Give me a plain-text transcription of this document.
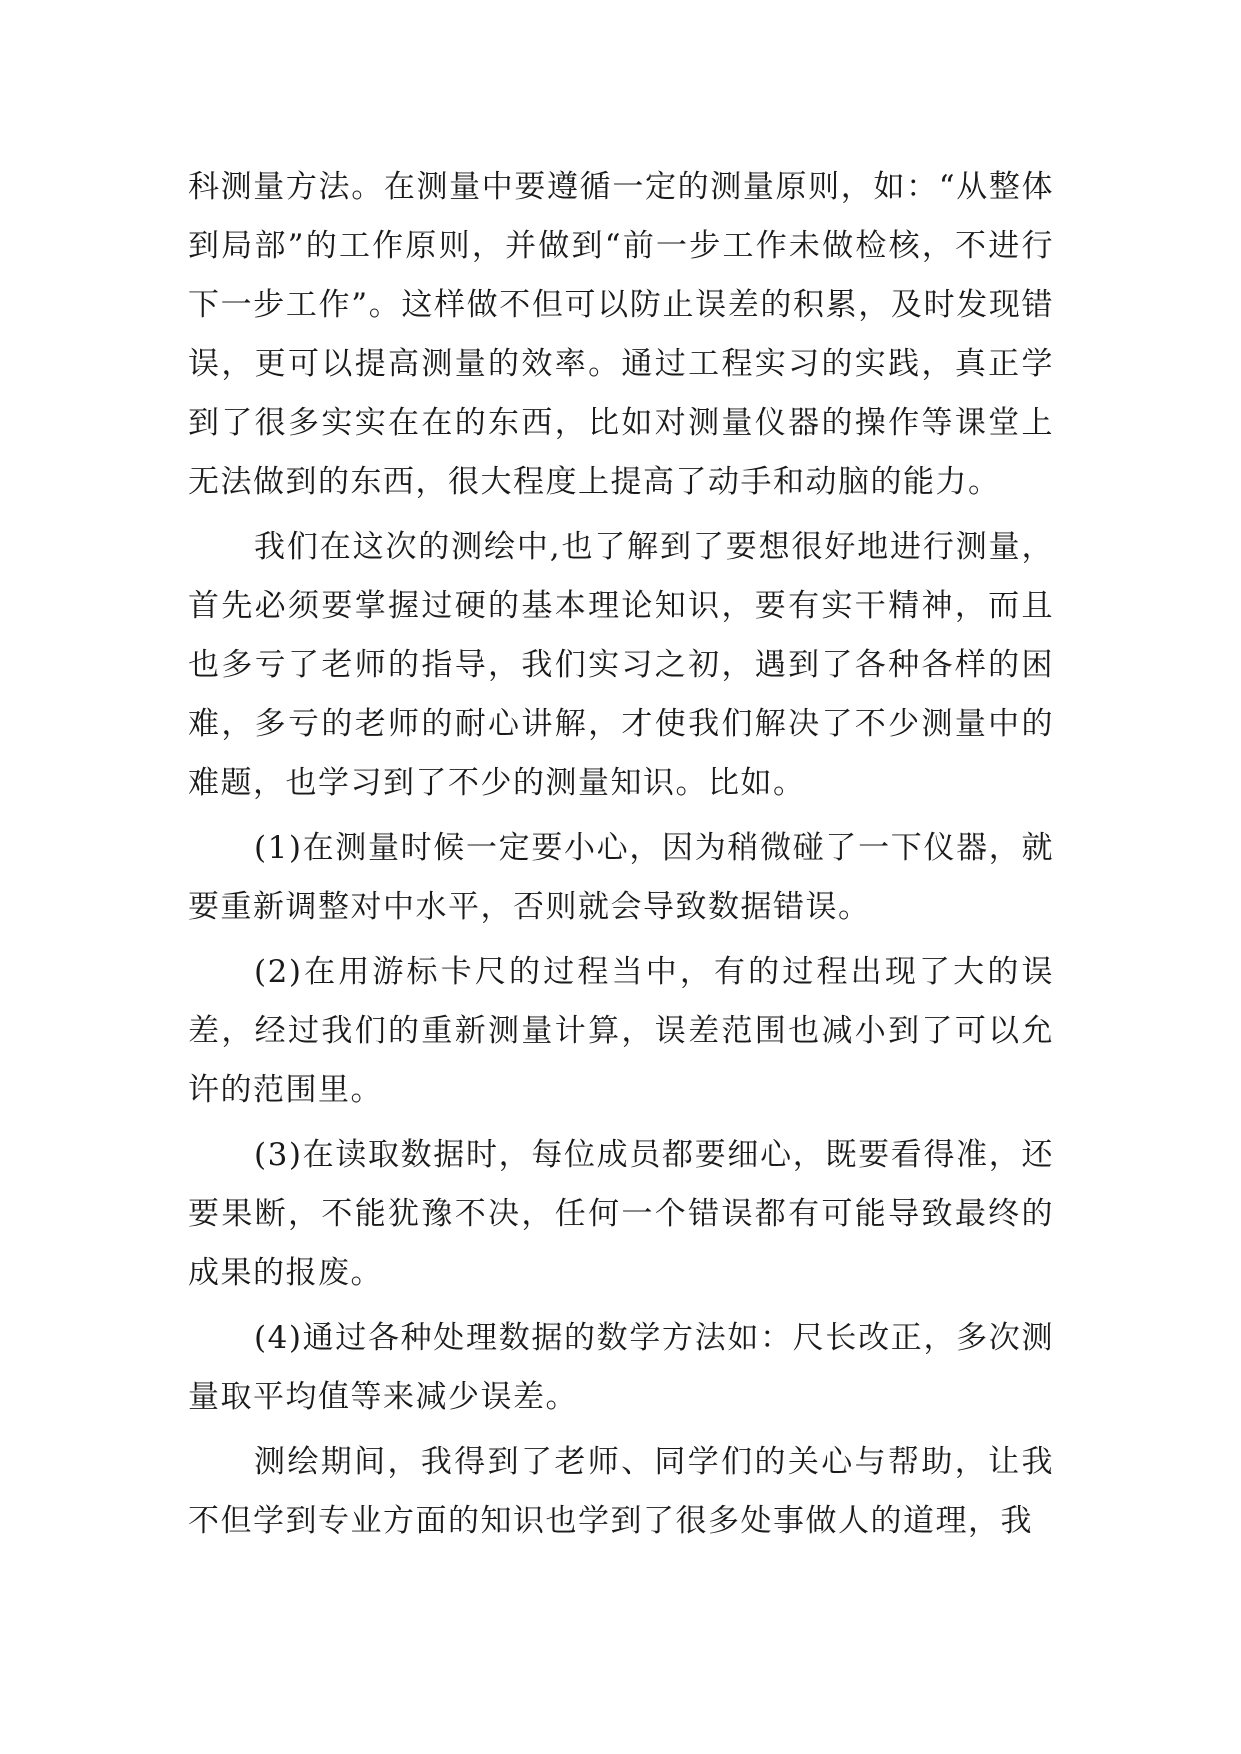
科测量方法。在测量中要遵循一定的测量原则，如：“从整体到局部”的工作原则，并做到“前一步工作未做检核，不进行下一步工作”。这样做不但可以防止误差的积累，及时发现错误，更可以提高测量的效率。通过工程实习的实践，真正学到了很多实实在在的东西，比如对测量仪器的操作等课堂上无法做到的东西，很大程度上提高了动手和动脑的能力。

我们在这次的测绘中,也了解到了要想很好地进行测量，首先必须要掌握过硬的基本理论知识，要有实干精神，而且也多亏了老师的指导，我们实习之初，遇到了各种各样的困难，多亏的老师的耐心讲解，才使我们解决了不少测量中的难题，也学习到了不少的测量知识。比如。

(1)在测量时候一定要小心，因为稍微碰了一下仪器，就要重新调整对中水平，否则就会导致数据错误。

(2)在用游标卡尺的过程当中，有的过程出现了大的误差，经过我们的重新测量计算，误差范围也减小到了可以允许的范围里。

(3)在读取数据时，每位成员都要细心，既要看得准，还要果断，不能犹豫不决，任何一个错误都有可能导致最终的成果的报废。

(4)通过各种处理数据的数学方法如：尺长改正，多次测量取平均值等来减少误差。

测绘期间，我得到了老师、同学们的关心与帮助，让我不但学到专业方面的知识也学到了很多处事做人的道理，我
